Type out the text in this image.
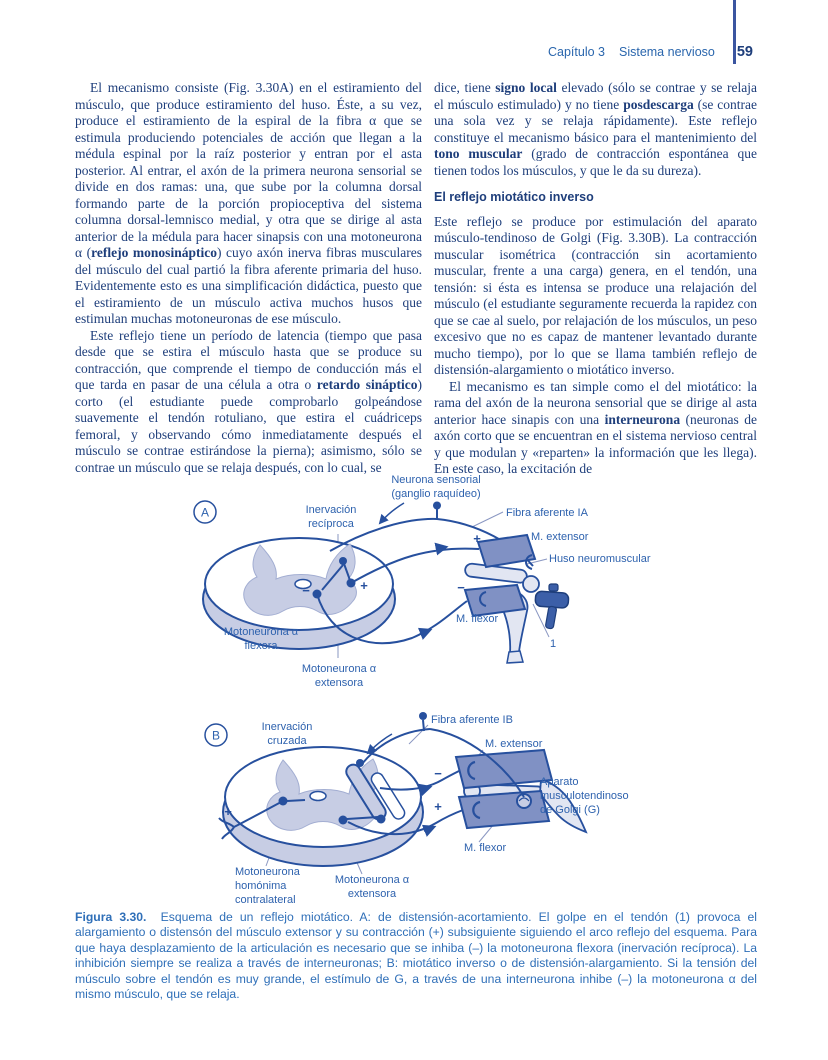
Capítulo 3 Sistema nervioso 59

El mecanismo consiste (Fig. 3.30A) en el estiramiento del músculo, que produce estiramiento del huso. Éste, a su vez, produce el estiramiento de la espiral de la fibra α que se estimula produciendo potenciales de acción que llegan a la médula espinal por la raíz posterior y entran por el asta posterior. Al entrar, el axón de la primera neurona sensorial se divide en dos ramas: una, que sube por la columna dorsal formando parte de la porción propioceptiva del sistema columna dorsal-lemnisco medial, y otra que se dirige al asta anterior de la médula para hacer sinapsis con una motoneurona α (reflejo monosináptico) cuyo axón inerva fibras musculares del músculo del cual partió la fibra aferente primaria del huso. Evidentemente esto es una simplificación didáctica, puesto que el estiramiento de un músculo activa muchos husos que estimulan muchas motoneuronas de ese músculo.

Este reflejo tiene un período de latencia (tiempo que pasa desde que se estira el músculo hasta que se produce su contracción, que comprende el tiempo de conducción más el que tarda en pasar de una célula a otra o retardo sináptico) corto (el estudiante puede comprobarlo golpeándose suavemente el tendón rotuliano, que estira el cuádriceps femoral, y observando cómo inmediatamente después el músculo se contrae estirándose la pierna); asimismo, sólo se contrae un músculo que se relaja después, con lo cual, se

dice, tiene signo local elevado (sólo se contrae y se relaja el músculo estimulado) y no tiene posdescarga (se contrae una sola vez y se relaja rápidamente). Este reflejo constituye el mecanismo básico para el mantenimiento del tono muscular (grado de contracción espontánea que tienen todos los músculos, y que le da su dureza).

El reflejo miotático inverso

Este reflejo se produce por estimulación del aparato músculo-tendinoso de Golgi (Fig. 3.30B). La contracción muscular isométrica (contracción sin acortamiento muscular, frente a una carga) genera, en el tendón, una tensión: si ésta es intensa se produce una relajación del músculo (el estudiante seguramente recuerda la rapidez con que se cae al suelo, por relajación de los músculos, un peso excesivo que no es capaz de mantener levantado durante mucho tiempo), por lo que se llama también reflejo de distensión-alargamiento o miotático inverso.

El mecanismo es tan simple como el del miotático: la rama del axón de la neurona sensorial que se dirige al asta anterior hace sinapis con una interneurona (neuronas de axón corto que se encuentran en el sistema nervioso central y que modulan y «reparten» la información que les llega). En este caso, la excitación de

A	Inervación
recíproca
Neurona sensorial
(ganglio raquídeo)
Fibra aferente IA
M. extensor
Huso neuromuscular
M. flexor
1
Motoneurona α
flexora
Motoneurona α
extensora
+
−
+
−
B
Inervación
cruzada
Fibra aferente IB
M. extensor
Aparato
musculotendinoso
de Golgi (G)
M. flexor
Motoneurona
homónima
contralateral
Motoneurona α
extensora
+
−
+

Figura 3.30.  Esquema de un reflejo miotático. A: de distensión-acortamiento. El golpe en el tendón (1) provoca el alargamiento o distensón del músculo extensor y su contracción (+) subsiguiente siguiendo el arco reflejo del esquema. Para que haya desplazamiento de la articulación es necesario que se inhiba (–) la motoneurona flexora (inervación recíproca). La inhibición siempre se realiza a través de interneuronas; B: miotático inverso o de distensión-alargamiento. Si la tensión del músculo sobre el tendón es muy grande, el estímulo de G, a través de una interneurona inhibe (–) la motoneurona α del mismo músculo, que se relaja.
